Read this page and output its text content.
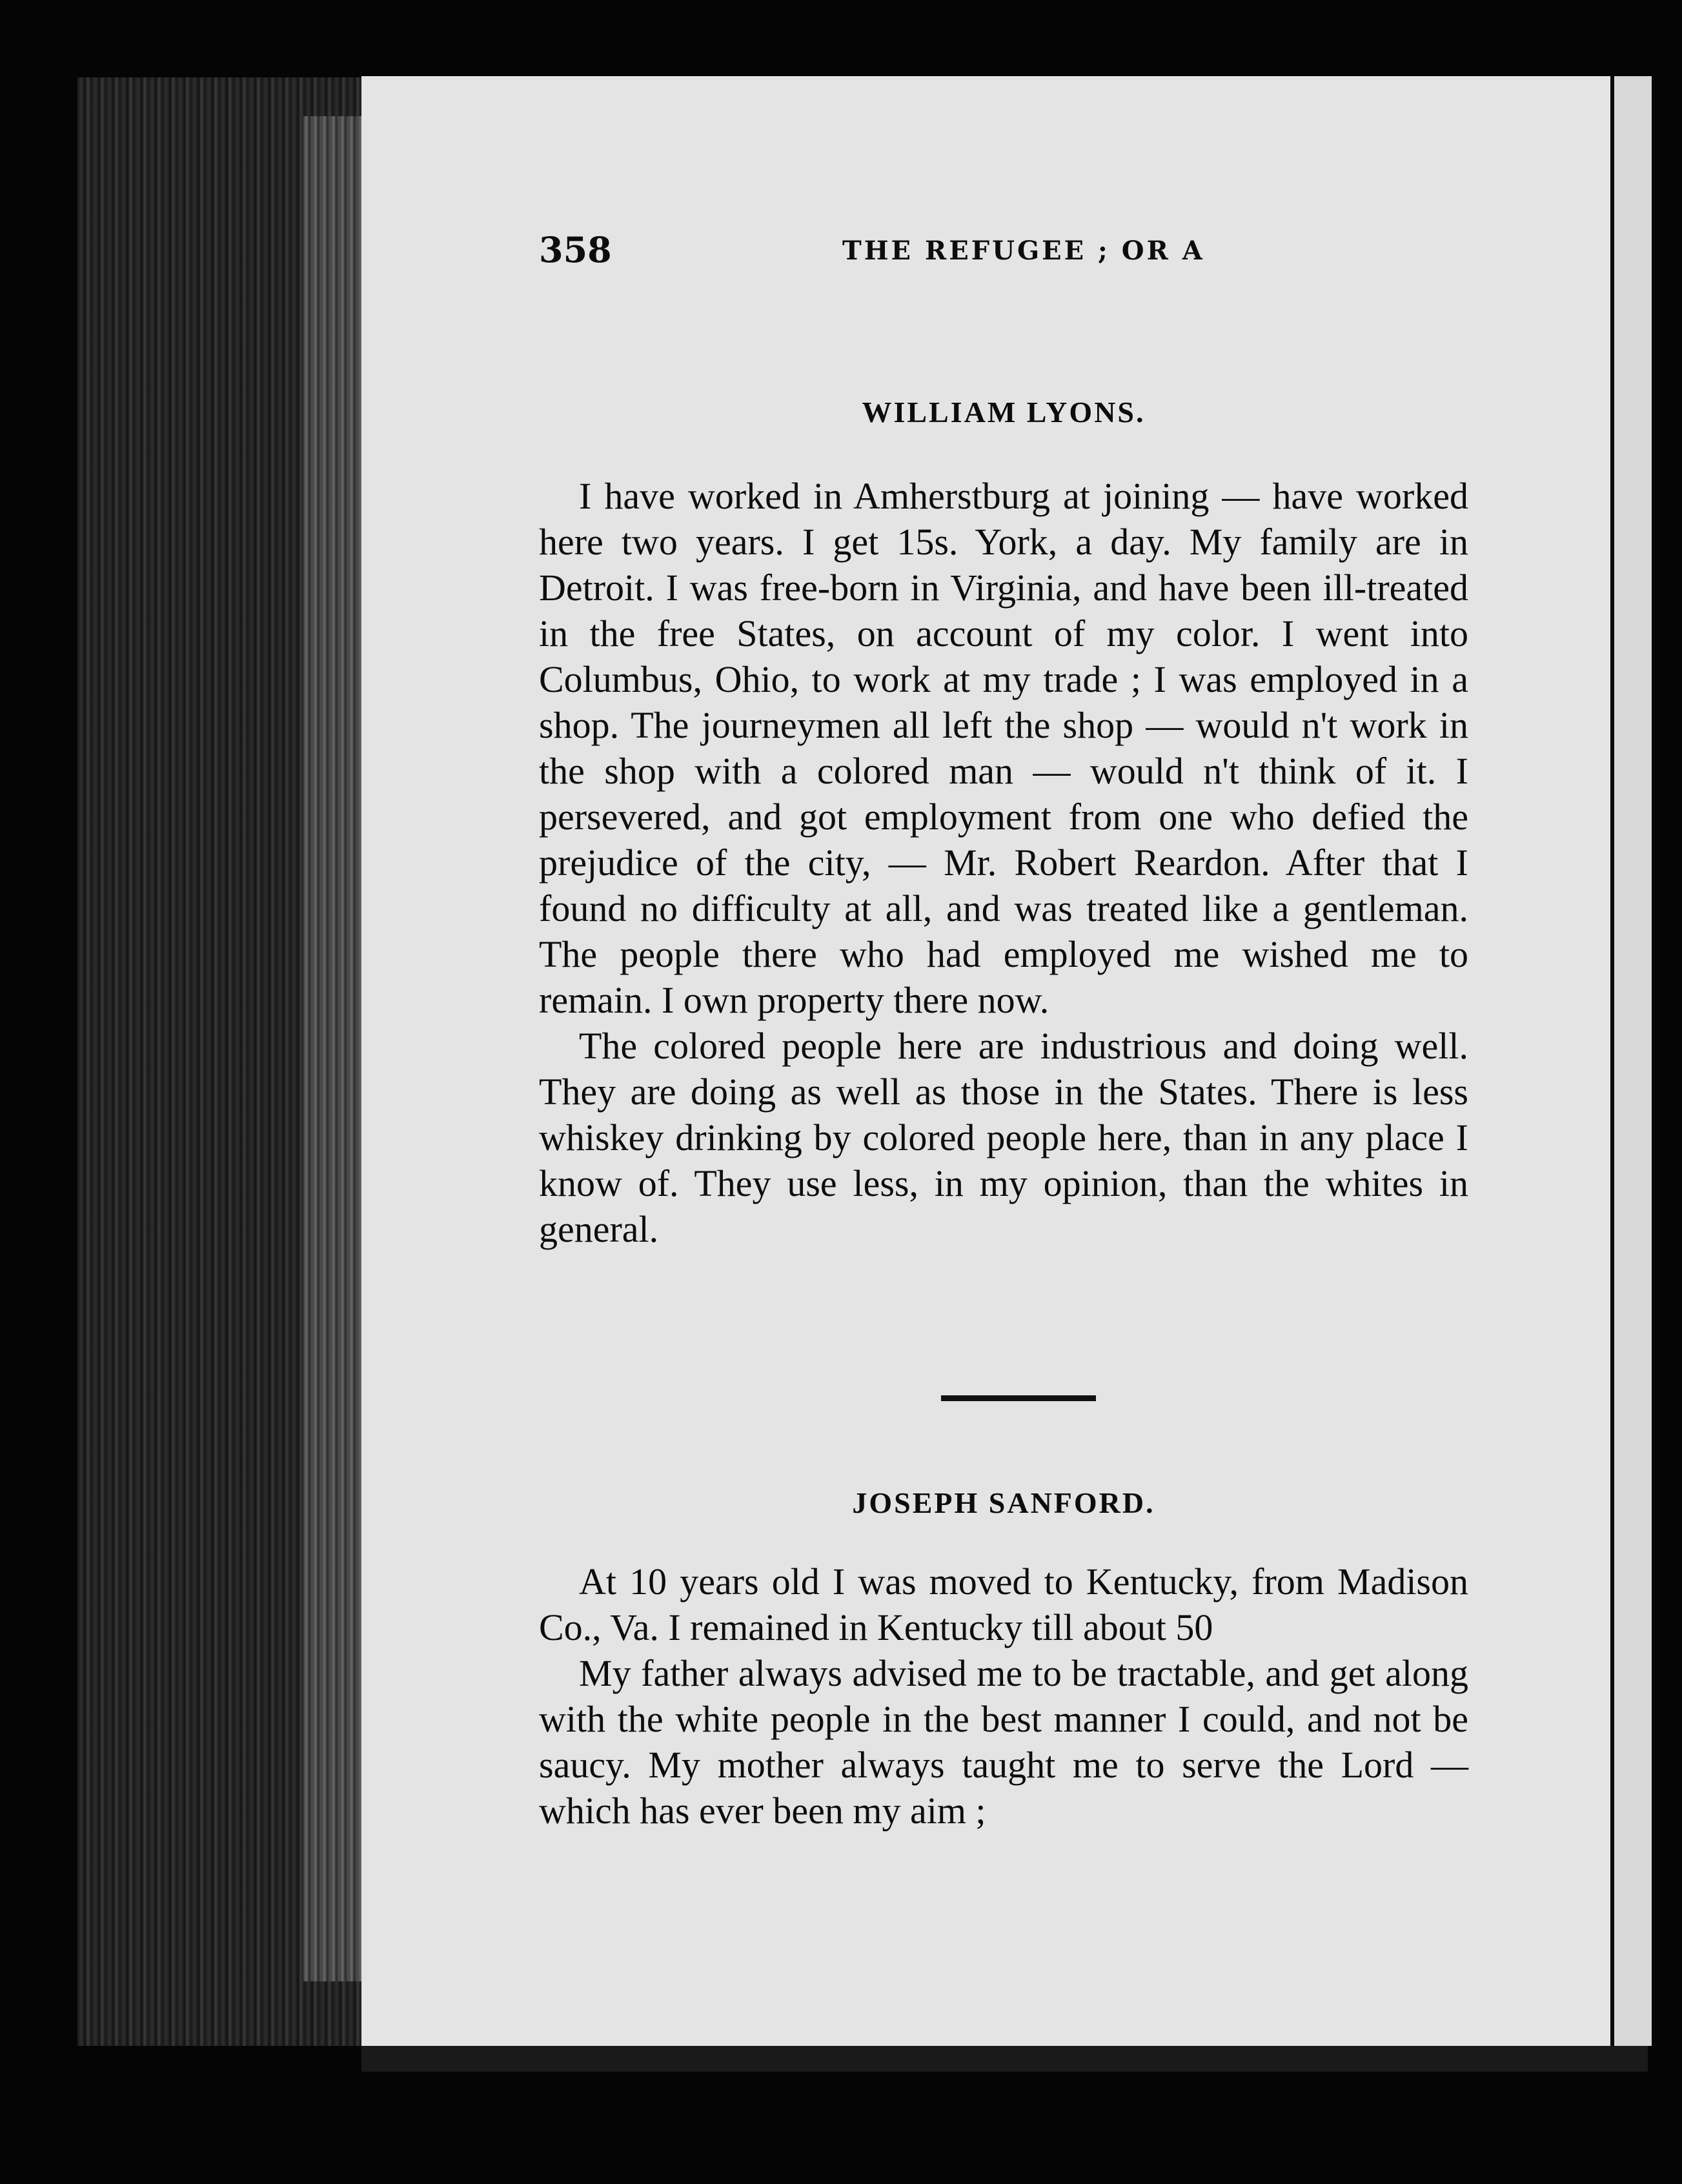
358	THE REFUGEE ; OR A
WILLIAM LYONS.

I have worked in Amherstburg at joining — have worked here two years. I get 15s. York, a day. My family are in Detroit. I was free-born in Virginia, and have been ill-treated in the free States, on account of my color. I went into Columbus, Ohio, to work at my trade ; I was employed in a shop. The journeymen all left the shop — would n't work in the shop with a colored man — would n't think of it. I persevered, and got employment from one who defied the prejudice of the city, — Mr. Robert Reardon. After that I found no difficulty at all, and was treated like a gentleman. The people there who had employed me wished me to remain. I own property there now.

The colored people here are industrious and doing well. They are doing as well as those in the States. There is less whiskey drinking by colored people here, than in any place I know of. They use less, in my opinion, than the whites in general.

JOSEPH SANFORD.

At 10 years old I was moved to Kentucky, from Madison Co., Va. I remained in Kentucky till about 50

My father always advised me to be tractable, and get along with the white people in the best manner I could, and not be saucy. My mother always taught me to serve the Lord — which has ever been my aim ;
